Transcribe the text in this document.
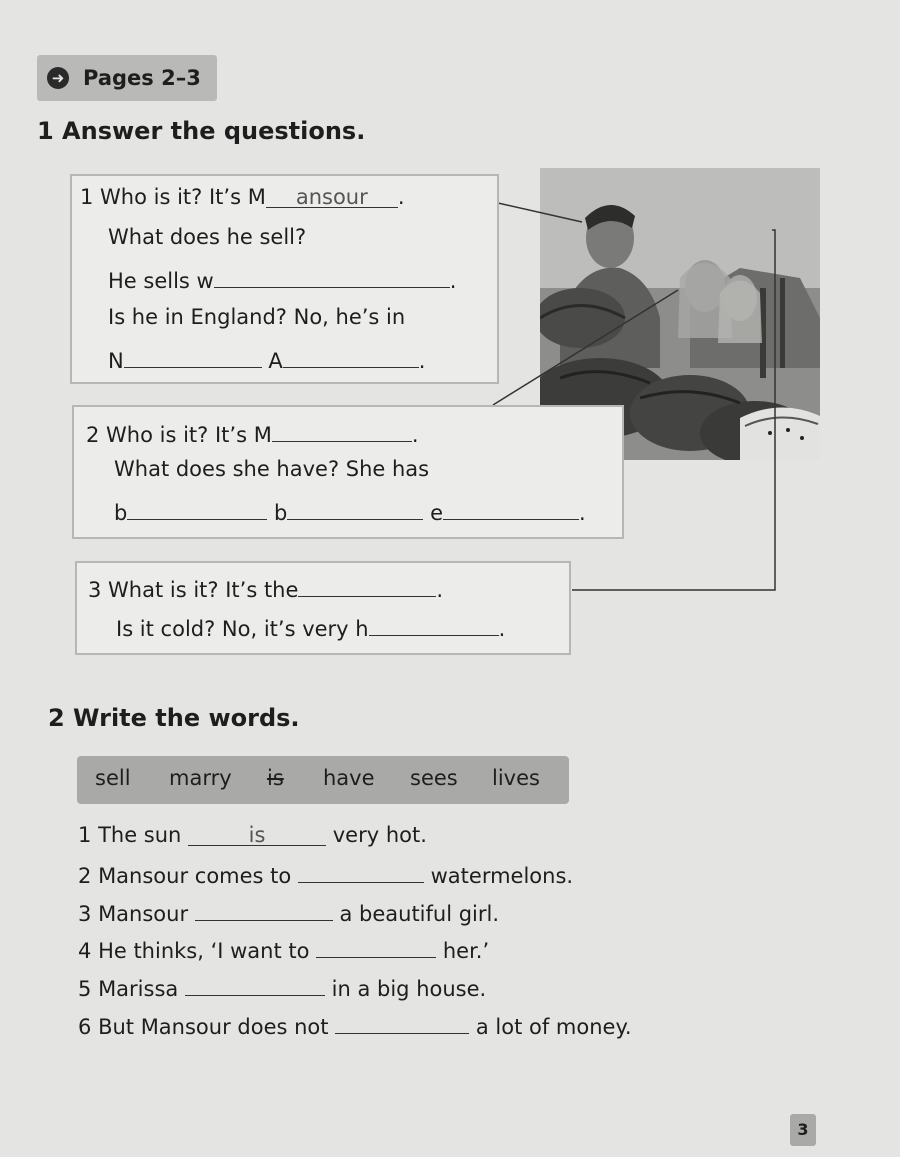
➜ Pages 2–3
1 Answer the questions.
1 Who is it? It’s M ansour .
What does he sell?
He sells w	.
Is he in England? No, he’s in
N	A	.
2 Who is it? It’s M	.
What does she have? She has
b	b	e	.
3 What is it? It’s the	.
Is it cold? No, it’s very h	.
2 Write the words.
sell marry is have sees lives
1 The sun	is	very hot.
2 Mansour comes to	watermelons.
3 Mansour	a beautiful girl.
4 He thinks, ‘I want to	her.’
5 Marissa	in a big house.
6 But Mansour does not	a lot of money.
3
